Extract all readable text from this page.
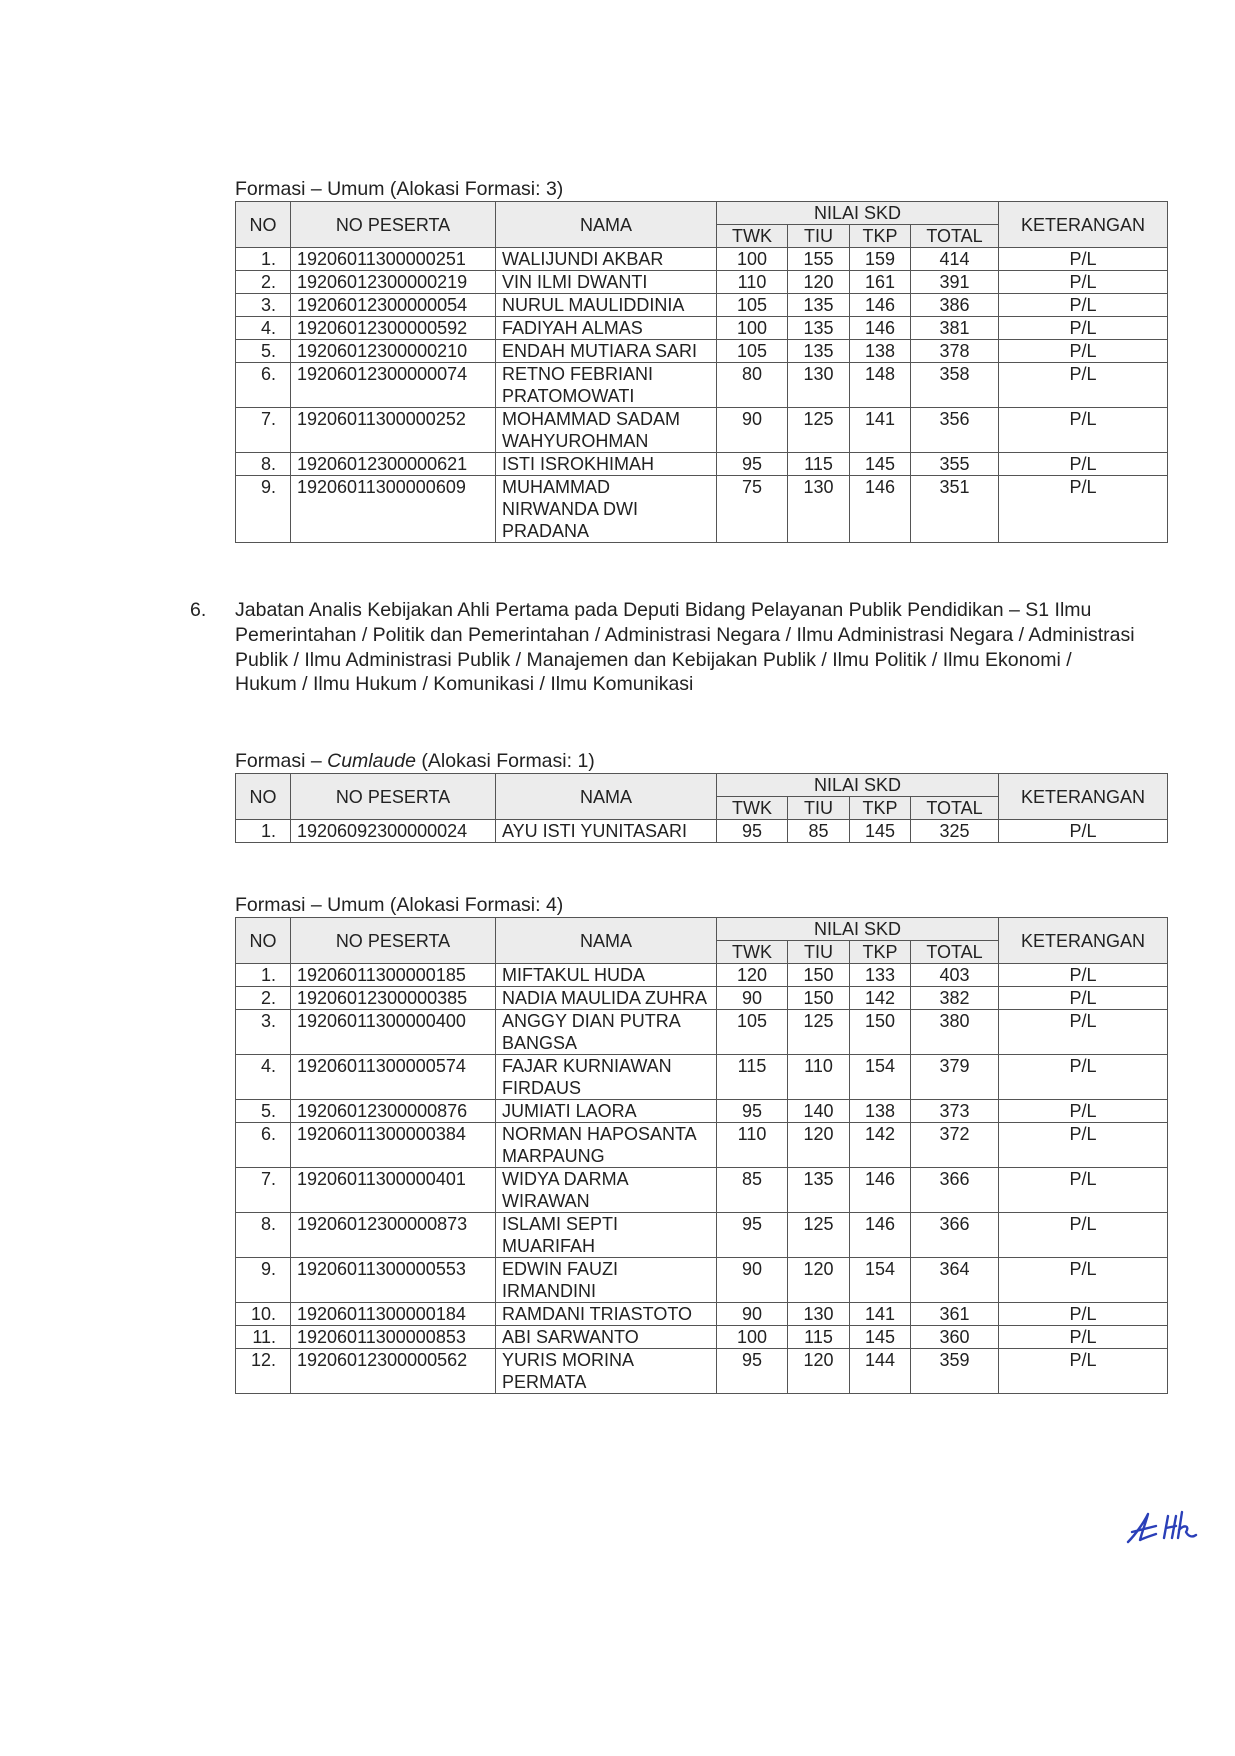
Formasi – Umum (Alokasi Formasi: 3)
NO	NO PESERTA	NAMA	NILAI SKD				KETERANGAN
			TWK	TIU	TKP	TOTAL	
1.	19206011300000251	WALIJUNDI AKBAR	100	155	159	414	P/L
2.	19206012300000219	VIN ILMI DWANTI	110	120	161	391	P/L
3.	19206012300000054	NURUL MAULIDDINIA	105	135	146	386	P/L
4.	19206012300000592	FADIYAH ALMAS	100	135	146	381	P/L
5.	19206012300000210	ENDAH MUTIARA SARI	105	135	138	378	P/L
6.	19206012300000074	RETNO FEBRIANI PRATOMOWATI	80	130	148	358	P/L
7.	19206011300000252	MOHAMMAD SADAM WAHYUROHMAN	90	125	141	356	P/L
8.	19206012300000621	ISTI ISROKHIMAH	95	115	145	355	P/L
9.	19206011300000609	MUHAMMAD NIRWANDA DWI PRADANA	75	130	146	351	P/L
6. Jabatan Analis Kebijakan Ahli Pertama pada Deputi Bidang Pelayanan Publik Pendidikan – S1 Ilmu Pemerintahan / Politik dan Pemerintahan / Administrasi Negara / Ilmu Administrasi Negara / Administrasi Publik / Ilmu Administrasi Publik / Manajemen dan Kebijakan Publik / Ilmu Politik / Ilmu Ekonomi / Hukum / Ilmu Hukum / Komunikasi / Ilmu Komunikasi
Formasi – Cumlaude (Alokasi Formasi: 1)
NO	NO PESERTA	NAMA	NILAI SKD				KETERANGAN
			TWK	TIU	TKP	TOTAL	
1.	19206092300000024	AYU ISTI YUNITASARI	95	85	145	325	P/L
Formasi – Umum (Alokasi Formasi: 4)
NO	NO PESERTA	NAMA	NILAI SKD				KETERANGAN
			TWK	TIU	TKP	TOTAL	
1.	19206011300000185	MIFTAKUL HUDA	120	150	133	403	P/L
2.	19206012300000385	NADIA MAULIDA ZUHRA	90	150	142	382	P/L
3.	19206011300000400	ANGGY DIAN PUTRA BANGSA	105	125	150	380	P/L
4.	19206011300000574	FAJAR KURNIAWAN FIRDAUS	115	110	154	379	P/L
5.	19206012300000876	JUMIATI LAORA	95	140	138	373	P/L
6.	19206011300000384	NORMAN HAPOSANTA MARPAUNG	110	120	142	372	P/L
7.	19206011300000401	WIDYA DARMA WIRAWAN	85	135	146	366	P/L
8.	19206012300000873	ISLAMI SEPTI MUARIFAH	95	125	146	366	P/L
9.	19206011300000553	EDWIN FAUZI IRMANDINI	90	120	154	364	P/L
10.	19206011300000184	RAMDANI TRIASTOTO	90	130	141	361	P/L
11.	19206011300000853	ABI SARWANTO	100	115	145	360	P/L
12.	19206012300000562	YURIS MORINA PERMATA	95	120	144	359	P/L
